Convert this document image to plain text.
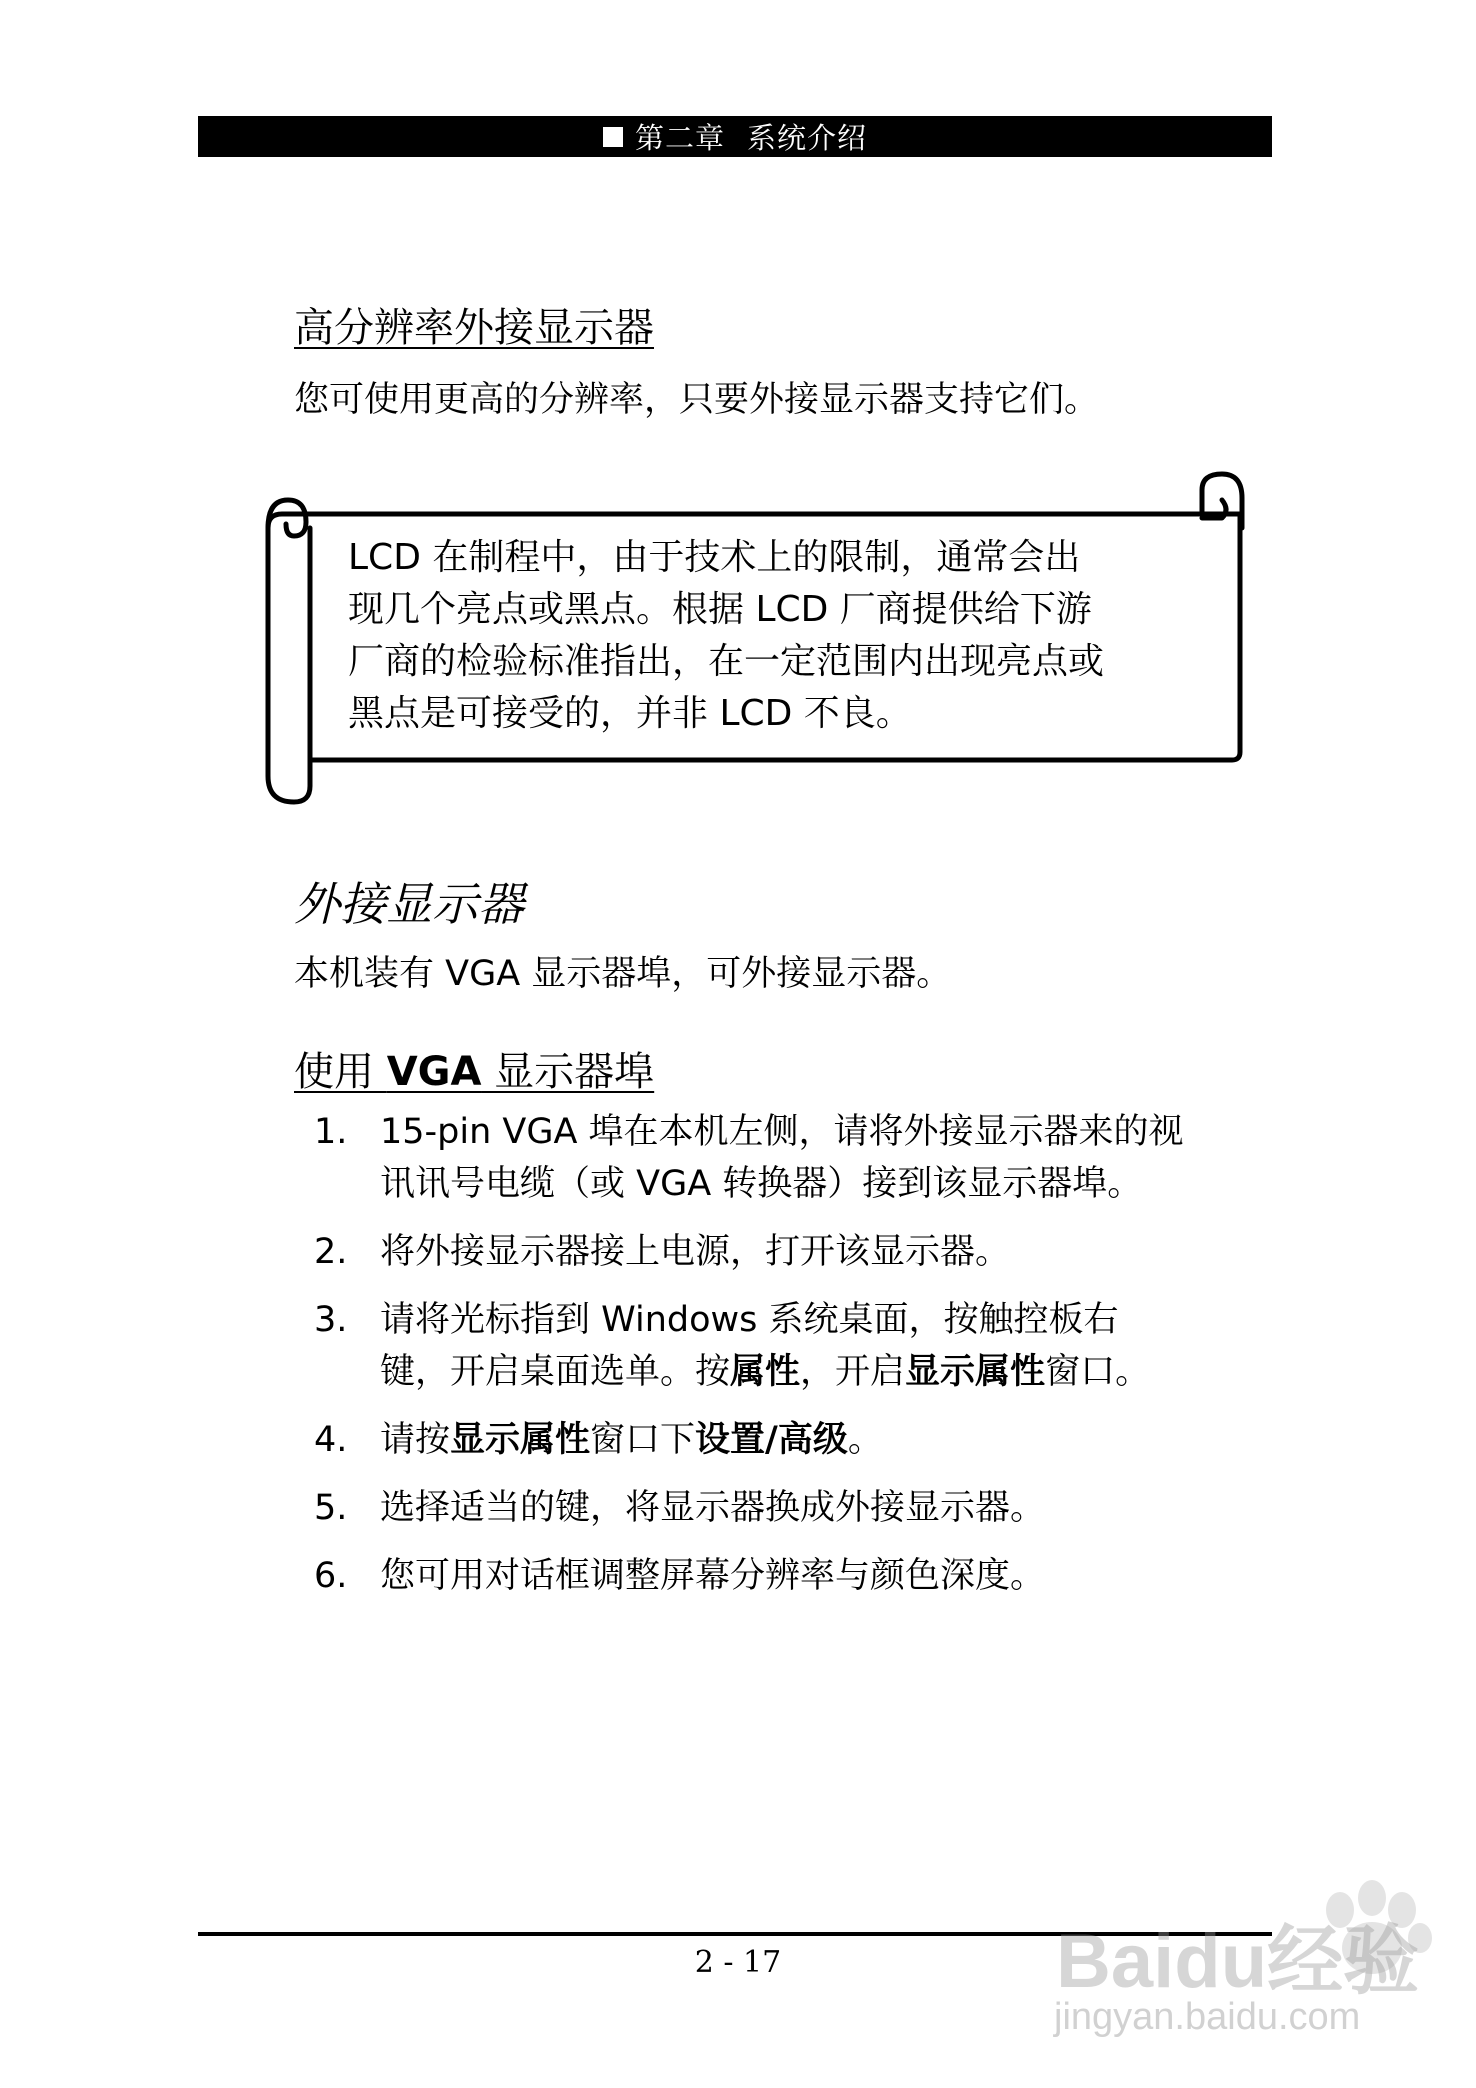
第二章 系统介绍
高分辨率外接显示器
您可使用更高的分辨率，只要外接显示器支持它们。
LCD 在制程中，由于技术上的限制，通常会出
现几个亮点或黑点。根据 LCD 厂商提供给下游
厂商的检验标准指出，在一定范围内出现亮点或
黑点是可接受的，并非 LCD 不良。
外接显示器
本机装有 VGA 显示器埠，可外接显示器。
使用 VGA 显示器埠
1. 15-pin VGA 埠在本机左侧，请将外接显示器来的视
讯讯号电缆（或 VGA 转换器）接到该显示器埠。
2. 将外接显示器接上电源，打开该显示器。
3. 请将光标指到 Windows 系统桌面，按触控板右
键，开启桌面选单。按属性，开启显示属性窗口。
4. 请按显示属性窗口下设置/高级。
5. 选择适当的键，将显示器换成外接显示器。
6. 您可用对话框调整屏幕分辨率与颜色深度。
2 - 17	Baidu经验
jingyan.baidu.com
